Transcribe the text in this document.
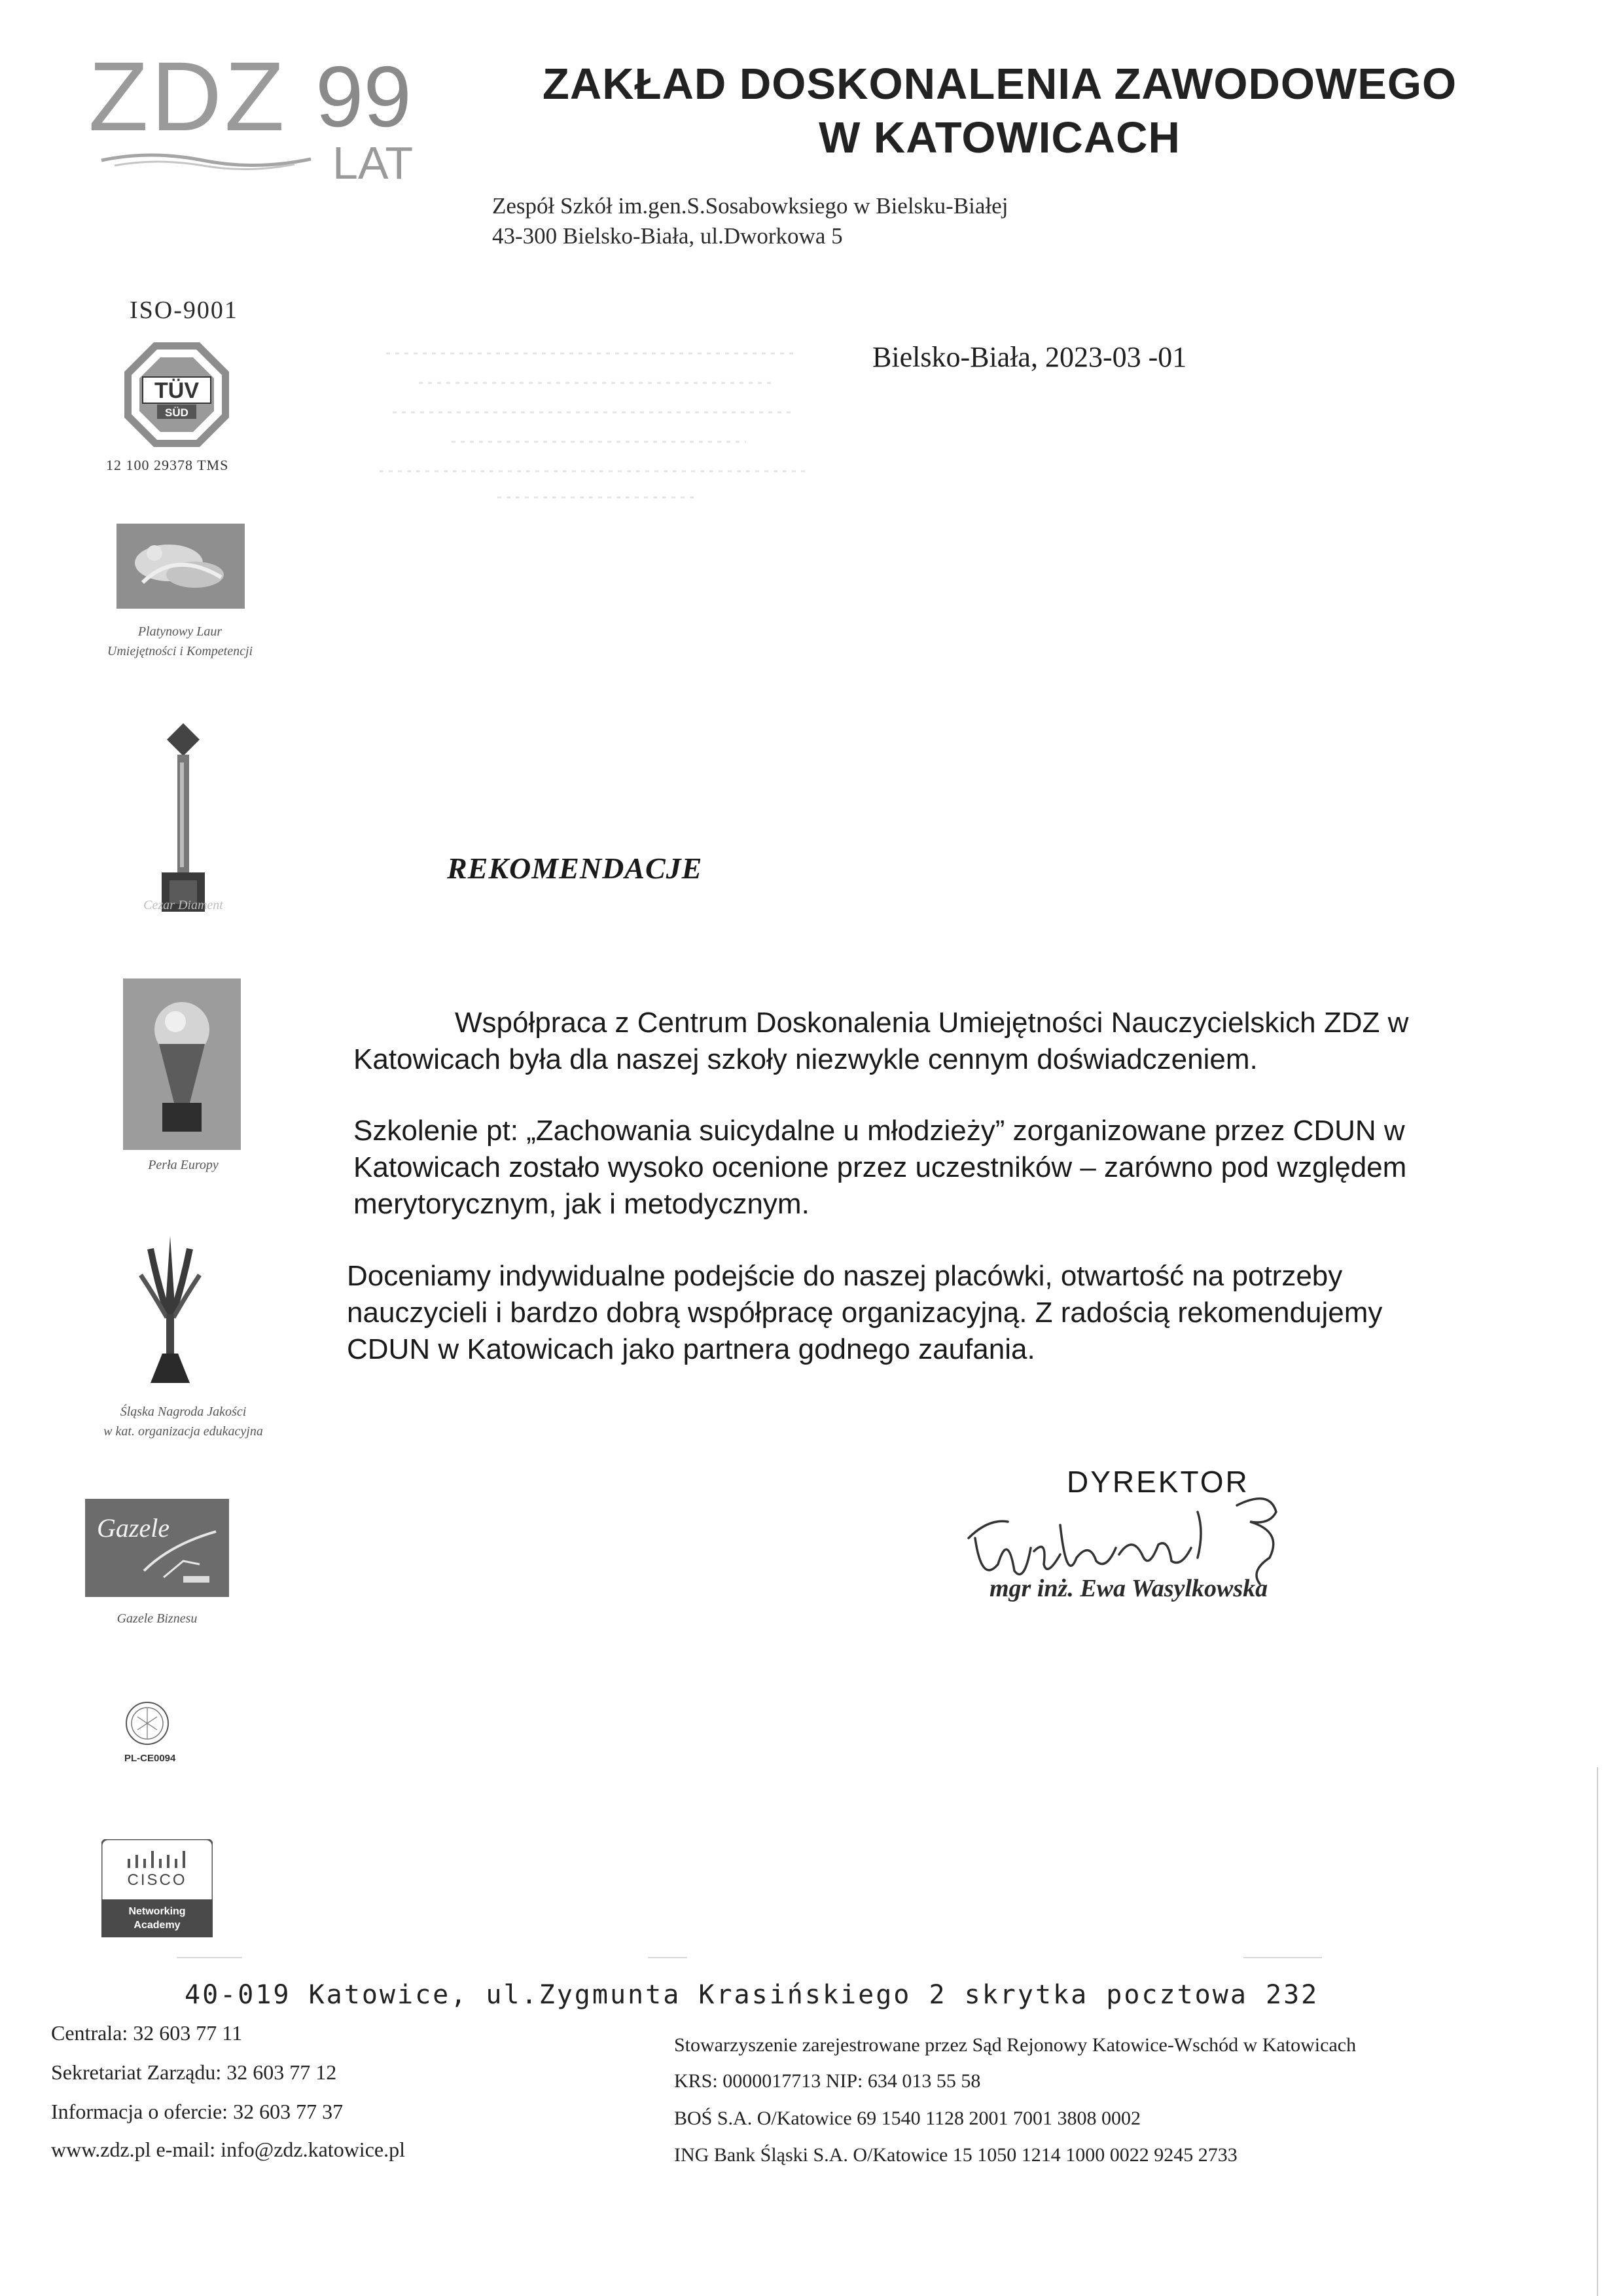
ZDZ 99
LAT
ZAKŁAD DOSKONALENIA ZAWODOWEGO
W KATOWICACH
Zespół Szkół im.gen.S.Sosabowksiego w Bielsku-Białej
43-300 Bielsko-Biała, ul.Dworkowa 5
ISO-9001
TÜV
SÜD
12 100 29378 TMS
Platynowy Laur
Umiejętności i Kompetencji
Cezar Diament
Perła Europy
Śląska Nagroda Jakości
w kat. organizacja edukacyjna
Gazele
Gazele Biznesu
PL-CE0094
CISCO
Networking
Academy
Bielsko-Biała, 2023-03 -01
REKOMENDACJE
Współpraca z Centrum Doskonalenia Umiejętności Nauczycielskich ZDZ w Katowicach była dla naszej szkoły niezwykle cennym doświadczeniem.
Szkolenie pt: „Zachowania suicydalne u młodzieży” zorganizowane przez CDUN w Katowicach zostało wysoko ocenione przez uczestników – zarówno pod względem merytorycznym, jak i metodycznym.
Doceniamy indywidualne podejście do naszej placówki, otwartość na potrzeby nauczycieli i bardzo dobrą współpracę organizacyjną. Z radością rekomendujemy CDUN w Katowicach jako partnera godnego zaufania.
DYREKTOR
mgr inż. Ewa Wasylkowska
40-019 Katowice, ul.Zygmunta Krasińskiego 2 skrytka pocztowa 232
Centrala: 32 603 77 11
Sekretariat Zarządu: 32 603 77 12
Informacja o ofercie: 32 603 77 37
www.zdz.pl e-mail: info@zdz.katowice.pl
Stowarzyszenie zarejestrowane przez Sąd Rejonowy Katowice-Wschód w Katowicach
KRS: 0000017713 NIP: 634 013 55 58
BOŚ S.A. O/Katowice 69 1540 1128 2001 7001 3808 0002
ING Bank Śląski S.A. O/Katowice 15 1050 1214 1000 0022 9245 2733
